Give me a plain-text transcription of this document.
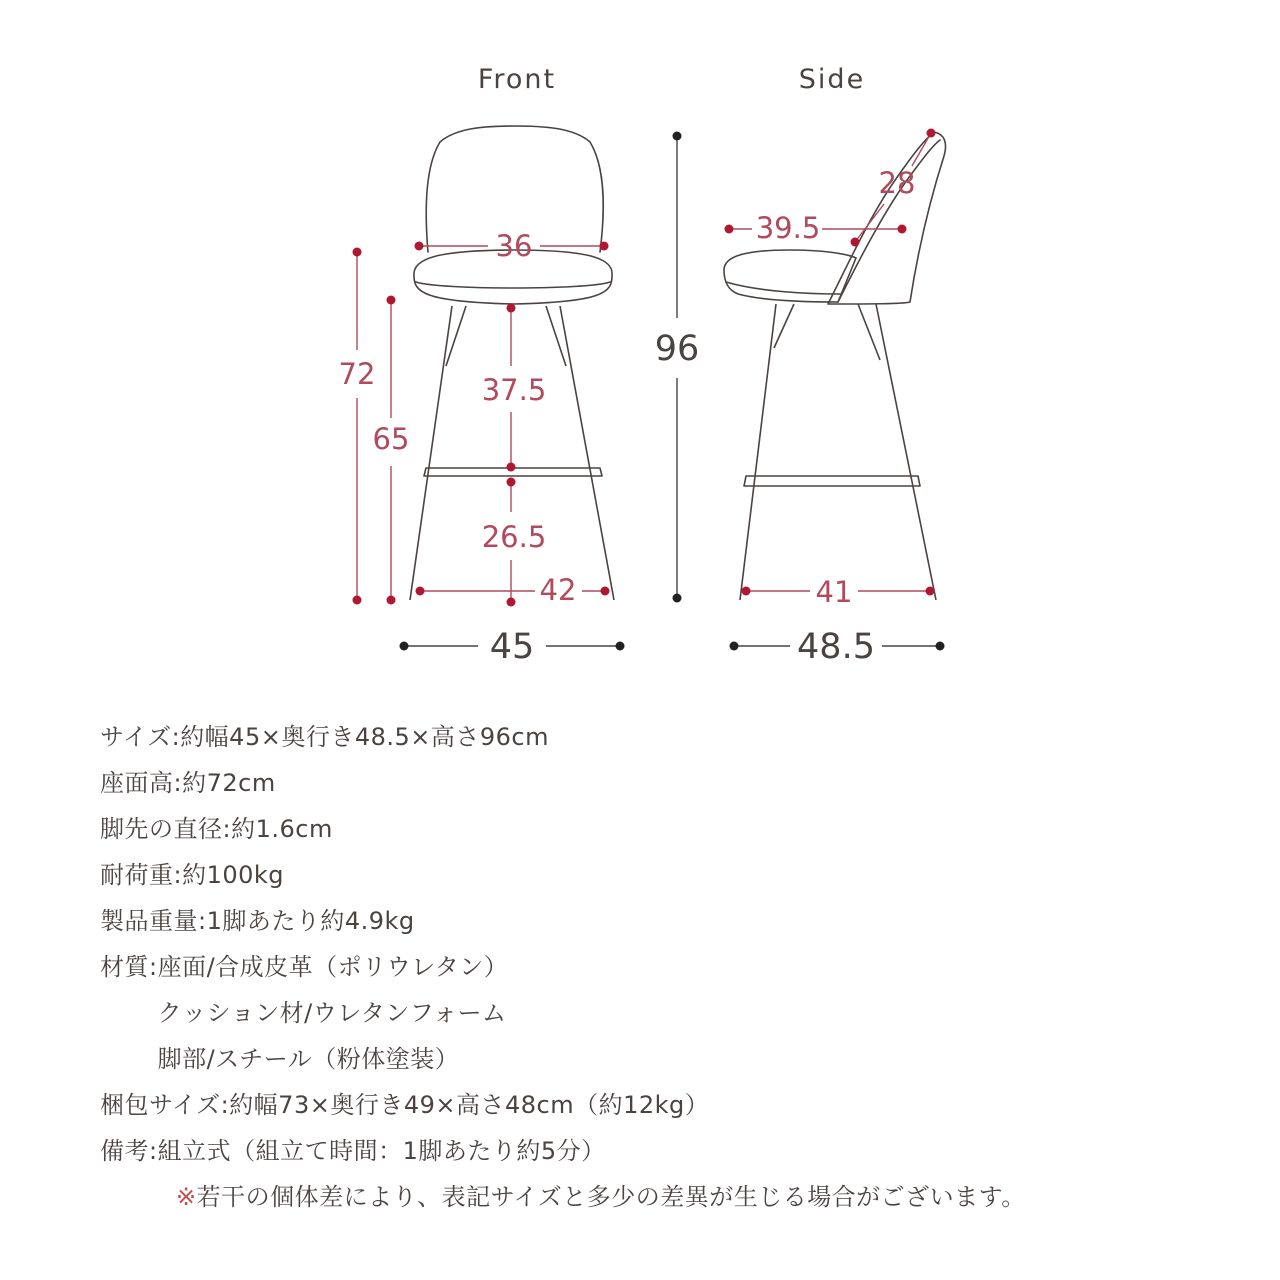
Front	Side
36
72
65
37.5
26.5
42
45
96
28
39.5
41
48.5
サイズ : 約幅45×奥行き48.5×高さ96cm
座面高 : 約72cm
脚先の直径 : 約1.6cm
耐荷重 : 約100kg
製品重量 : 1脚あたり約4.9kg
材質 : 座面/合成皮革（ポリウレタン）
クッション材/ウレタンフォーム
脚部/スチール（粉体塗装）
梱包サイズ : 約幅73×奥行き49×高さ48cm（約12kg）
備考 : 組立式（組立て時間：1脚あたり約5分）
※若干の個体差により、表記サイズと多少の差異が生じる場合がございます。
